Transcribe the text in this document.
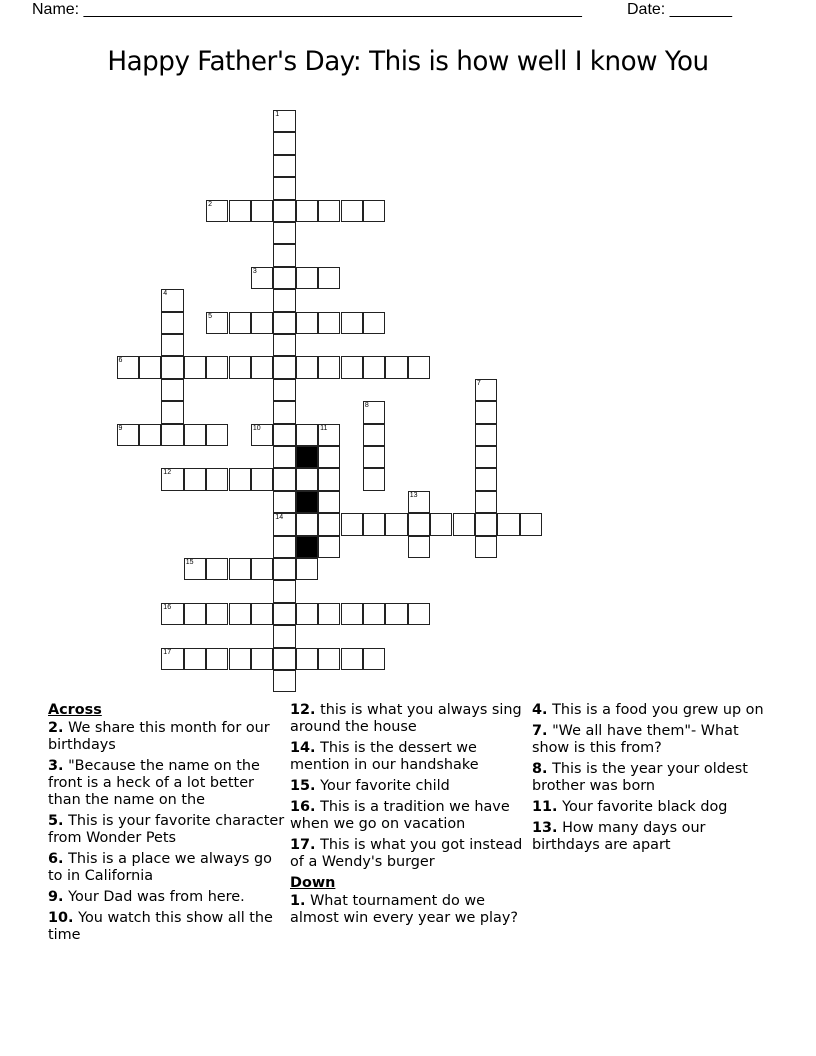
Name: ________________________________________________________	Date: _______
Happy Father's Day: This is how well I know You
1
14
2
3
4
5
6
7
8
9	10	11
12
13
15
16
17
Across
2. We share this month for our birthdays
3. "Because the name on the front is a heck of a lot better than the name on the
5. This is your favorite character from Wonder Pets
6. This is a place we always go to in California
9. Your Dad was from here.
10. You watch this show all the time
12. this is what you always sing around the house
14. This is the dessert we mention in our handshake
15. Your favorite child
16. This is a tradition we have when we go on vacation
17. This is what you got instead of a Wendy's burger
Down
1. What tournament do we almost win every year we play?
4. This is a food you grew up on
7. "We all have them"- What show is this from?
8. This is the year your oldest brother was born
11. Your favorite black dog
13. How many days our birthdays are apart
